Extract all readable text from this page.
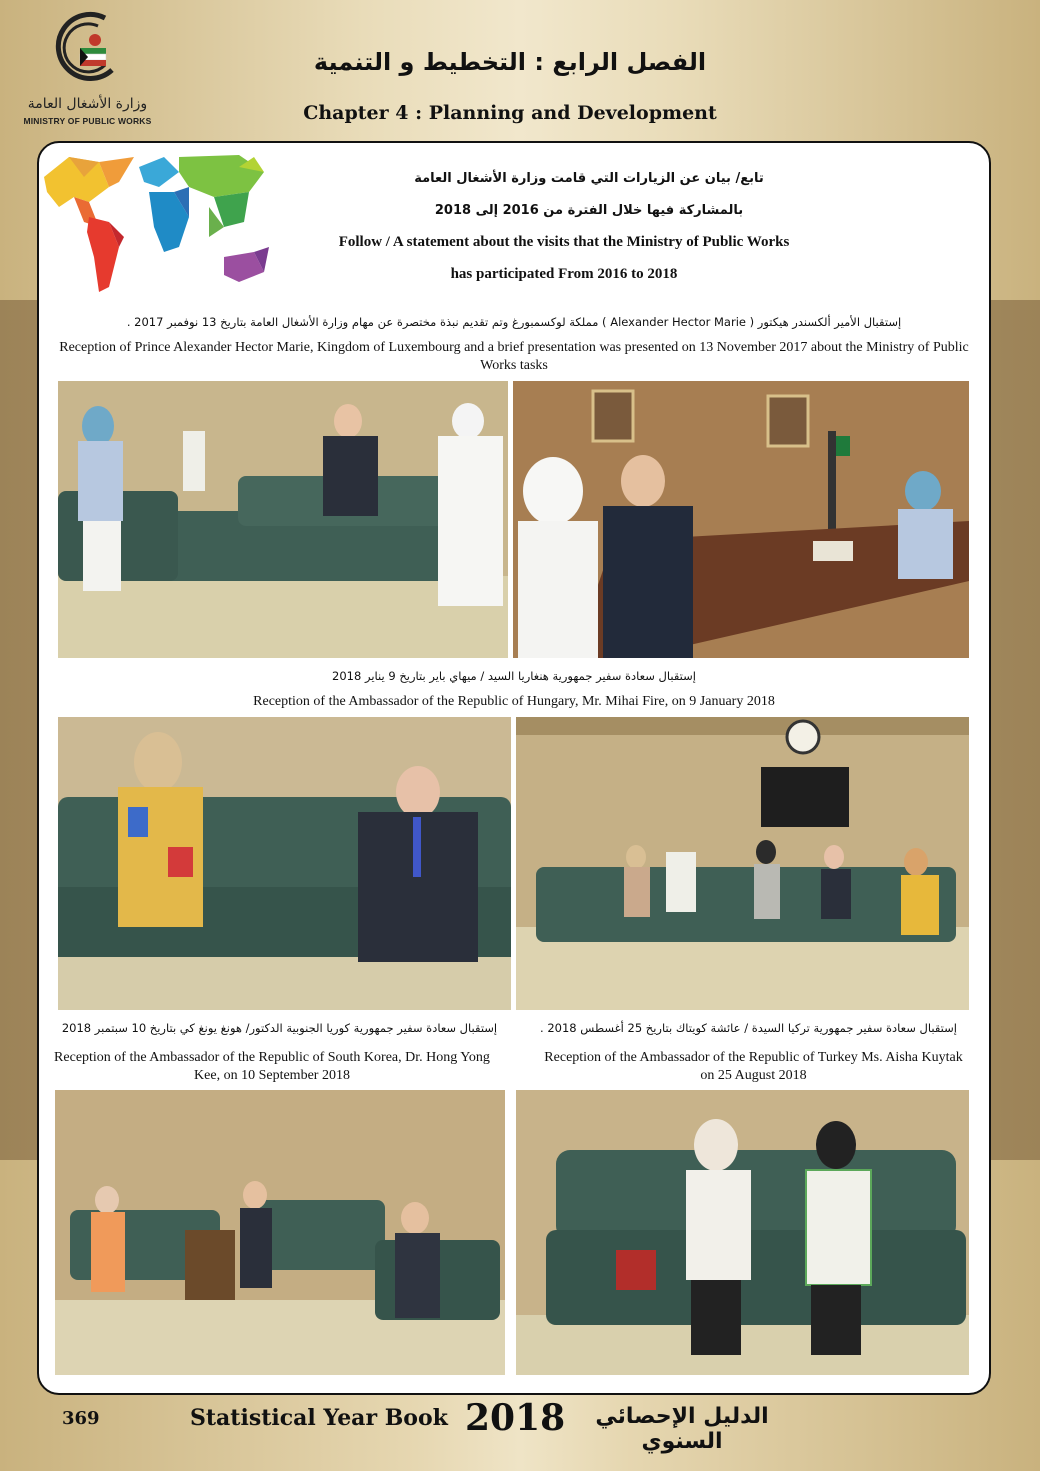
وزارة الأشغال العامة
MINISTRY OF PUBLIC WORKS
الفصل الرابع : التخطيط و التنمية
Chapter 4 : Planning and Development
تابع/ بيان عن الزيارات التي قامت وزارة الأشغال العامة
بالمشاركة فيها خلال الفترة من 2016 إلى 2018
Follow / A statement about the visits that the Ministry of Public Works
has participated From 2016 to 2018
إستقبال الأمير ألكسندر هيكتور ( Alexander Hector Marie ) مملكة لوكسمبورغ وتم تقديم نبذة مختصرة عن مهام وزارة الأشغال العامة بتاريخ 13 نوفمبر 2017 .
Reception of Prince Alexander Hector Marie, Kingdom of Luxembourg and a brief presentation was presented on 13 November 2017 about the Ministry of Public Works tasks
إستقبال سعادة سفير جمهورية هنغاريا السيد / ميهاي باير بتاريخ 9 يناير 2018
Reception of the Ambassador of the Republic of Hungary, Mr. Mihai Fire, on 9 January 2018
إستقبال سعادة سفير جمهورية كوريا الجنوبية الدكتور/ هونغ يونغ كي بتاريخ 10 سبتمبر 2018	إستقبال سعادة سفير جمهورية تركيا السيدة / عائشة كويتاك بتاريخ 25 أغسطس 2018 .
Reception of the Ambassador of the Republic of South Korea, Dr. Hong Yong Kee, on 10 September 2018
Reception of the Ambassador of the Republic of Turkey Ms. Aisha Kuytak on 25 August 2018
369	Statistical Year Book 2018	الدليل الإحصائي السنوي
